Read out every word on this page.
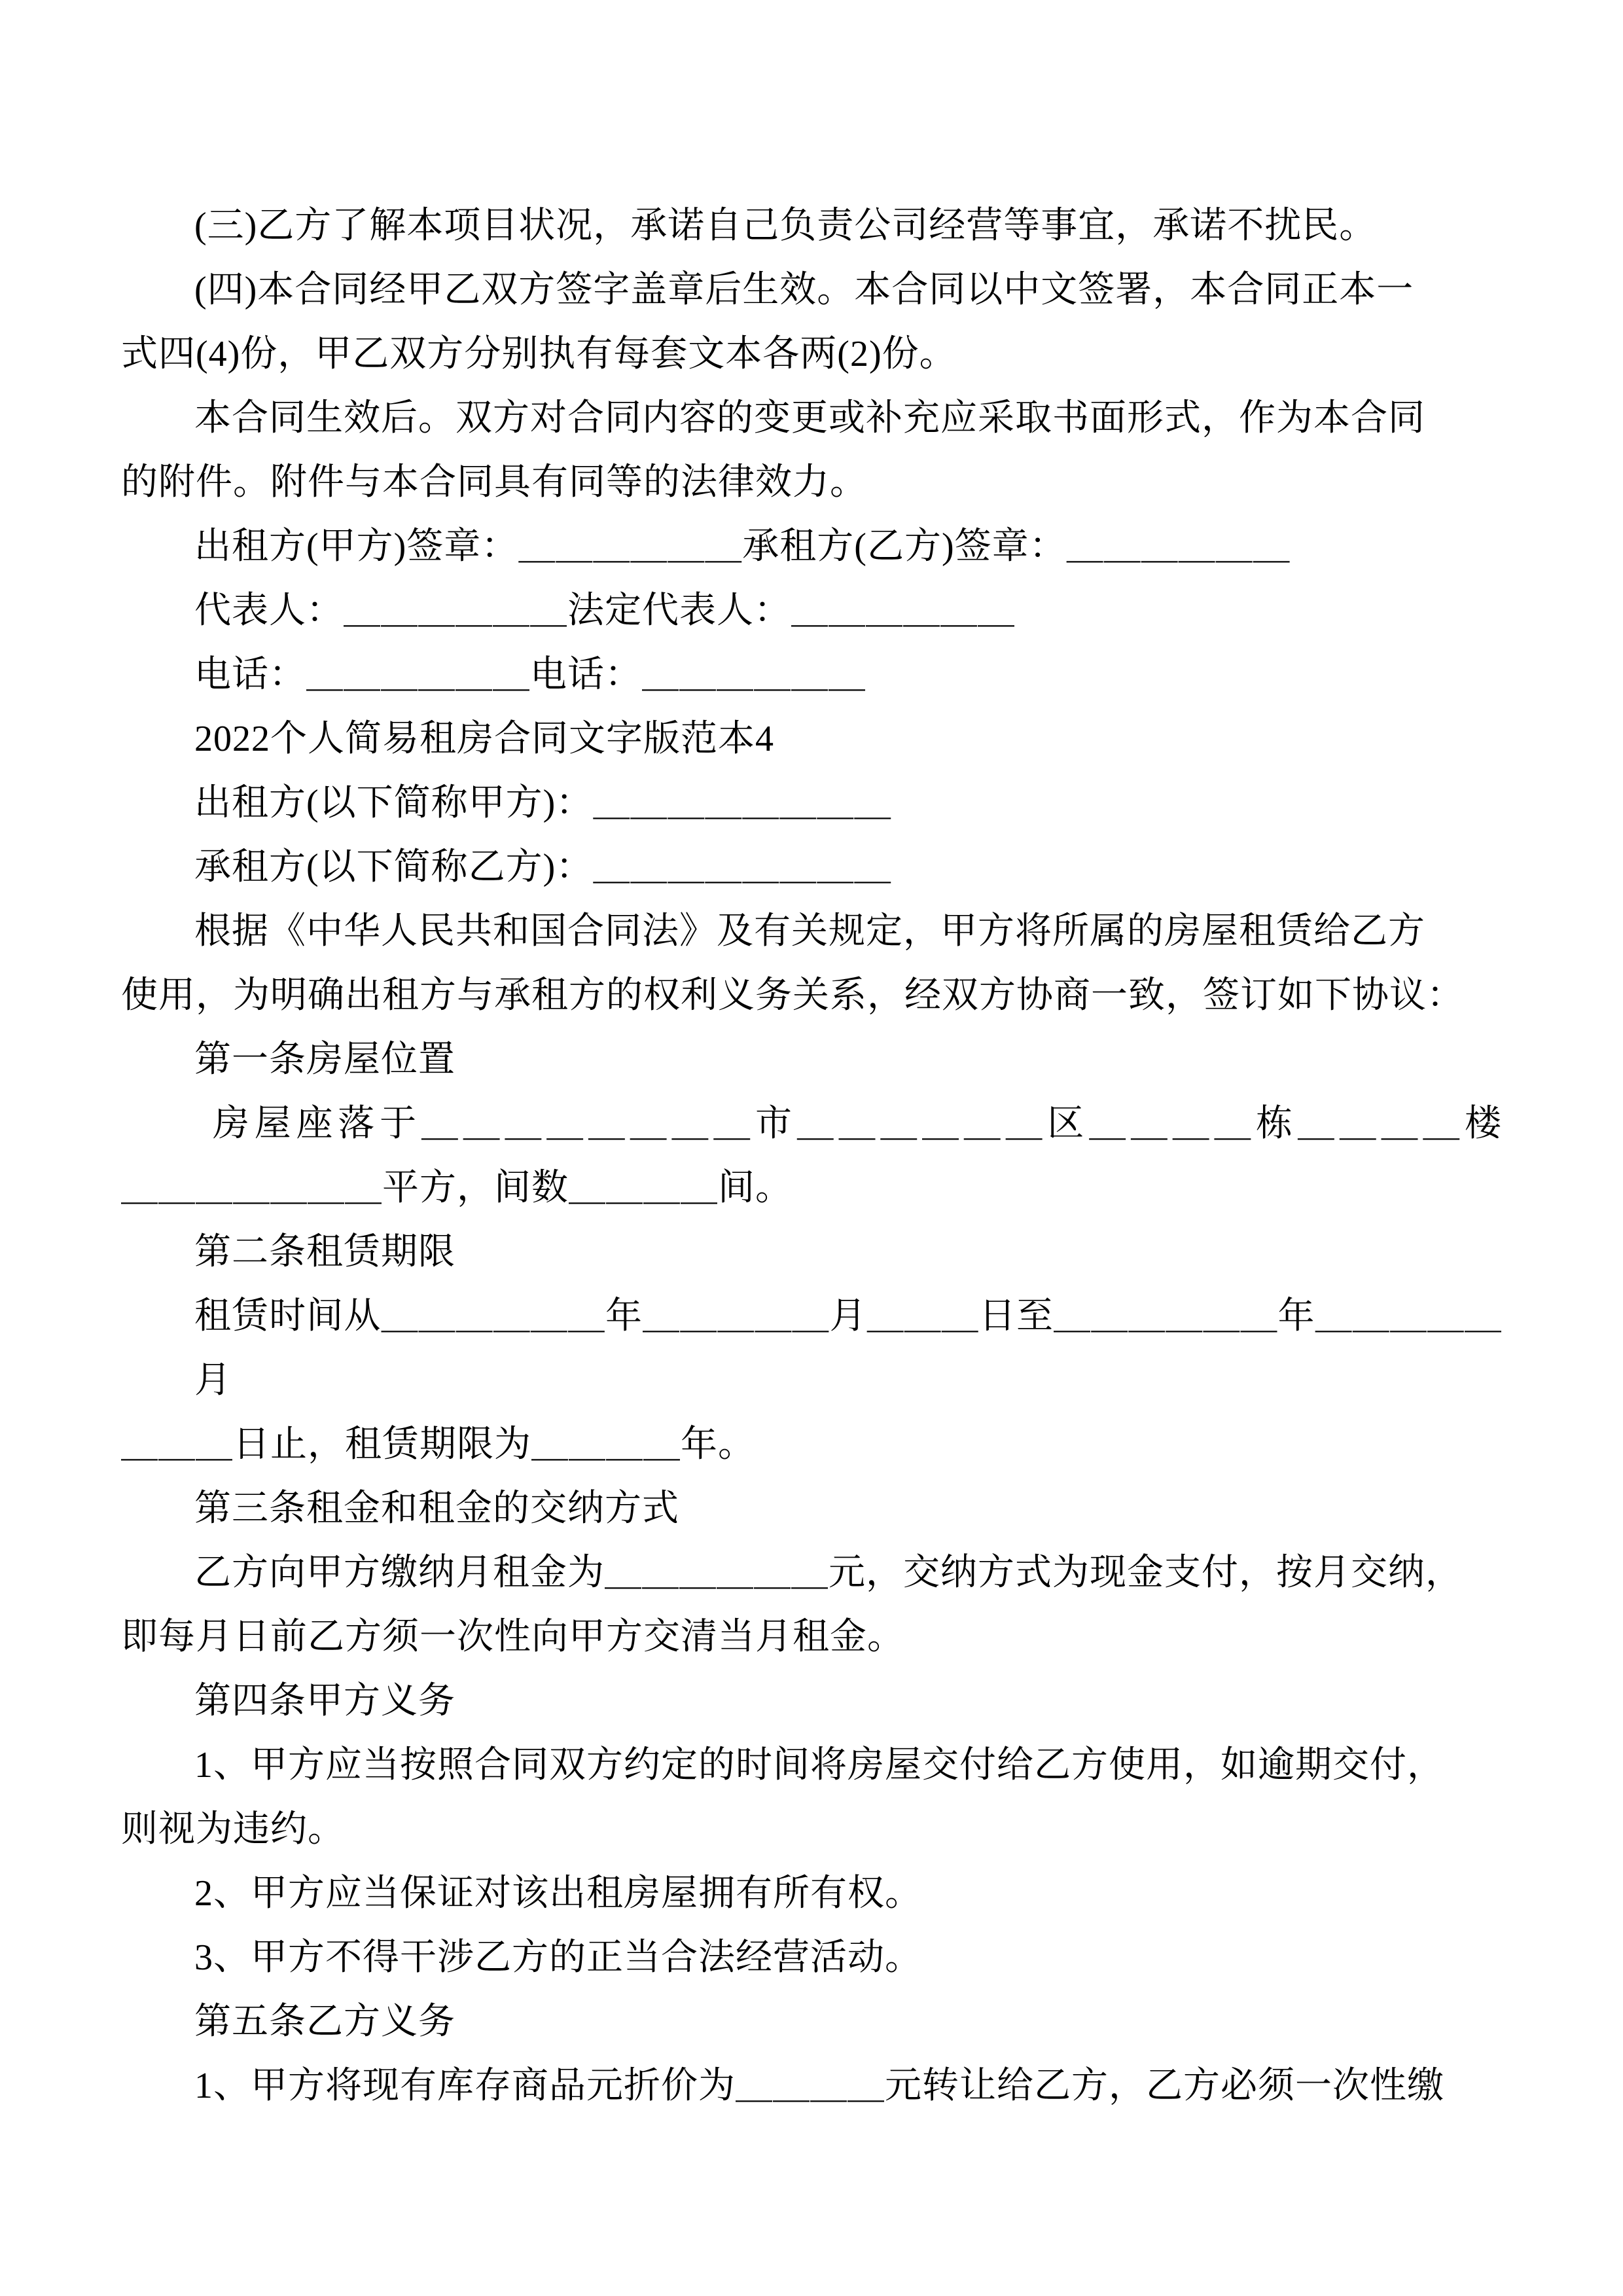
(三)乙方了解本项目状况，承诺自己负责公司经营等事宜，承诺不扰民。
(四)本合同经甲乙双方签字盖章后生效。本合同以中文签署，本合同正本一
式四(4)份，甲乙双方分别执有每套文本各两(2)份。
本合同生效后。双方对合同内容的变更或补充应采取书面形式，作为本合同
的附件。附件与本合同具有同等的法律效力。
出租方(甲方)签章：＿＿＿＿＿＿承租方(乙方)签章：＿＿＿＿＿＿
代表人：＿＿＿＿＿＿法定代表人：＿＿＿＿＿＿
电话：＿＿＿＿＿＿电话：＿＿＿＿＿＿
2022个人简易租房合同文字版范本4
出租方(以下简称甲方)：＿＿＿＿＿＿＿＿
承租方(以下简称乙方)：＿＿＿＿＿＿＿＿
根据《中华人民共和国合同法》及有关规定，甲方将所属的房屋租赁给乙方
使用，为明确出租方与承租方的权利义务关系，经双方协商一致，签订如下协议：
第一条房屋位置
房屋座落于＿＿＿＿＿＿＿＿市＿＿＿＿＿＿区＿＿＿＿栋＿＿＿＿楼
＿＿＿＿＿＿＿平方，间数＿＿＿＿间。
第二条租赁期限
租赁时间从＿＿＿＿＿＿年＿＿＿＿＿月＿＿＿日至＿＿＿＿＿＿年＿＿＿＿＿月
＿＿＿日止，租赁期限为＿＿＿＿年。
第三条租金和租金的交纳方式
乙方向甲方缴纳月租金为＿＿＿＿＿＿元，交纳方式为现金支付，按月交纳，
即每月日前乙方须一次性向甲方交清当月租金。
第四条甲方义务
1、甲方应当按照合同双方约定的时间将房屋交付给乙方使用，如逾期交付，
则视为违约。
2、甲方应当保证对该出租房屋拥有所有权。
3、甲方不得干涉乙方的正当合法经营活动。
第五条乙方义务
1、甲方将现有库存商品元折价为＿＿＿＿元转让给乙方，乙方必须一次性缴
